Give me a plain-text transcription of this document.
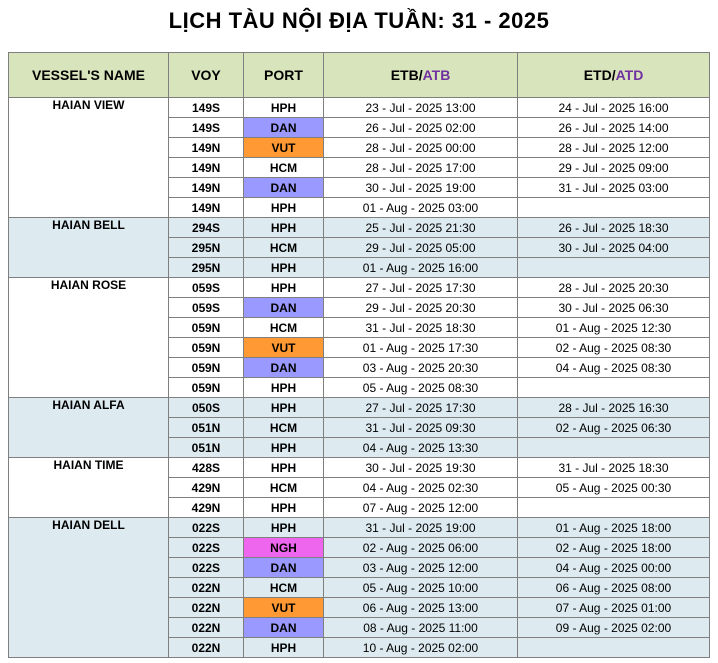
LỊCH TÀU NỘI ĐỊA TUẦN: 31 - 2025
VESSEL'S NAME	VOY	PORT	ETB/ATB	ETD/ATD
HAIAN VIEW	149S	HPH	23 - Jul - 2025 13:00	24 - Jul - 2025 16:00
	149S	DAN	26 - Jul - 2025 02:00	26 - Jul - 2025 14:00
	149N	VUT	28 - Jul - 2025 00:00	28 - Jul - 2025 12:00
	149N	HCM	28 - Jul - 2025 17:00	29 - Jul - 2025 09:00
	149N	DAN	30 - Jul - 2025 19:00	31 - Jul - 2025 03:00
	149N	HPH	01 - Aug - 2025 03:00	
HAIAN BELL	294S	HPH	25 - Jul - 2025 21:30	26 - Jul - 2025 18:30
	295N	HCM	29 - Jul - 2025 05:00	30 - Jul - 2025 04:00
	295N	HPH	01 - Aug - 2025 16:00	
HAIAN ROSE	059S	HPH	27 - Jul - 2025 17:30	28 - Jul - 2025 20:30
	059S	DAN	29 - Jul - 2025 20:30	30 - Jul - 2025 06:30
	059N	HCM	31 - Jul - 2025 18:30	01 - Aug - 2025 12:30
	059N	VUT	01 - Aug - 2025 17:30	02 - Aug - 2025 08:30
	059N	DAN	03 - Aug - 2025 20:30	04 - Aug - 2025 08:30
	059N	HPH	05 - Aug - 2025 08:30	
HAIAN ALFA	050S	HPH	27 - Jul - 2025 17:30	28 - Jul - 2025 16:30
	051N	HCM	31 - Jul - 2025 09:30	02 - Aug - 2025 06:30
	051N	HPH	04 - Aug - 2025 13:30	
HAIAN TIME	428S	HPH	30 - Jul - 2025 19:30	31 - Jul - 2025 18:30
	429N	HCM	04 - Aug - 2025 02:30	05 - Aug - 2025 00:30
	429N	HPH	07 - Aug - 2025 12:00	
HAIAN DELL	022S	HPH	31 - Jul - 2025 19:00	01 - Aug - 2025 18:00
	022S	NGH	02 - Aug - 2025 06:00	02 - Aug - 2025 18:00
	022S	DAN	03 - Aug - 2025 12:00	04 - Aug - 2025 00:00
	022N	HCM	05 - Aug - 2025 10:00	06 - Aug - 2025 08:00
	022N	VUT	06 - Aug - 2025 13:00	07 - Aug - 2025 01:00
	022N	DAN	08 - Aug - 2025 11:00	09 - Aug - 2025 02:00
	022N	HPH	10 - Aug - 2025 02:00	
